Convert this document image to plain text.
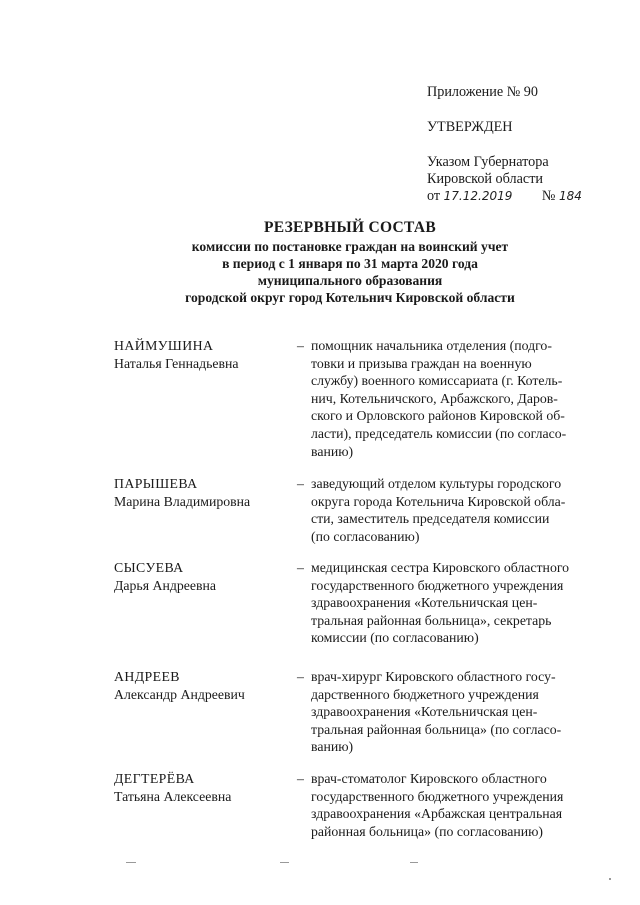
Приложение № 90
УТВЕРЖДЕН
Указом Губернатора
Кировской области
от 17.12.2019 № 184
РЕЗЕРВНЫЙ СОСТАВ
комиссии по постановке граждан на воинский учет
в период с 1 января по 31 марта 2020 года
муниципального образования
городской округ город Котельнич Кировской области
НАЙМУШИНА
Наталья Геннадьевна
– помощник начальника отделения (подго-
товки и призыва граждан на военную
службу) военного комиссариата (г. Котель-
нич, Котельничского, Арбажского, Даров-
ского и Орловского районов Кировской об-
ласти), председатель комиссии (по согласо-
ванию)
ПАРЫШЕВА
Марина Владимировна
– заведующий отделом культуры городского
округа города Котельнича Кировской обла-
сти, заместитель председателя комиссии
(по согласованию)
СЫСУЕВА
Дарья Андреевна
– медицинская сестра Кировского областного
государственного бюджетного учреждения
здравоохранения «Котельничская цен-
тральная районная больница», секретарь
комиссии (по согласованию)
АНДРЕЕВ
Александр Андреевич
– врач-хирург Кировского областного госу-
дарственного бюджетного учреждения
здравоохранения «Котельничская цен-
тральная районная больница» (по согласо-
ванию)
ДЕГТЕРЁВА
Татьяна Алексеевна
– врач-стоматолог Кировского областного
государственного бюджетного учреждения
здравоохранения «Арбажская центральная
районная больница» (по согласованию)
